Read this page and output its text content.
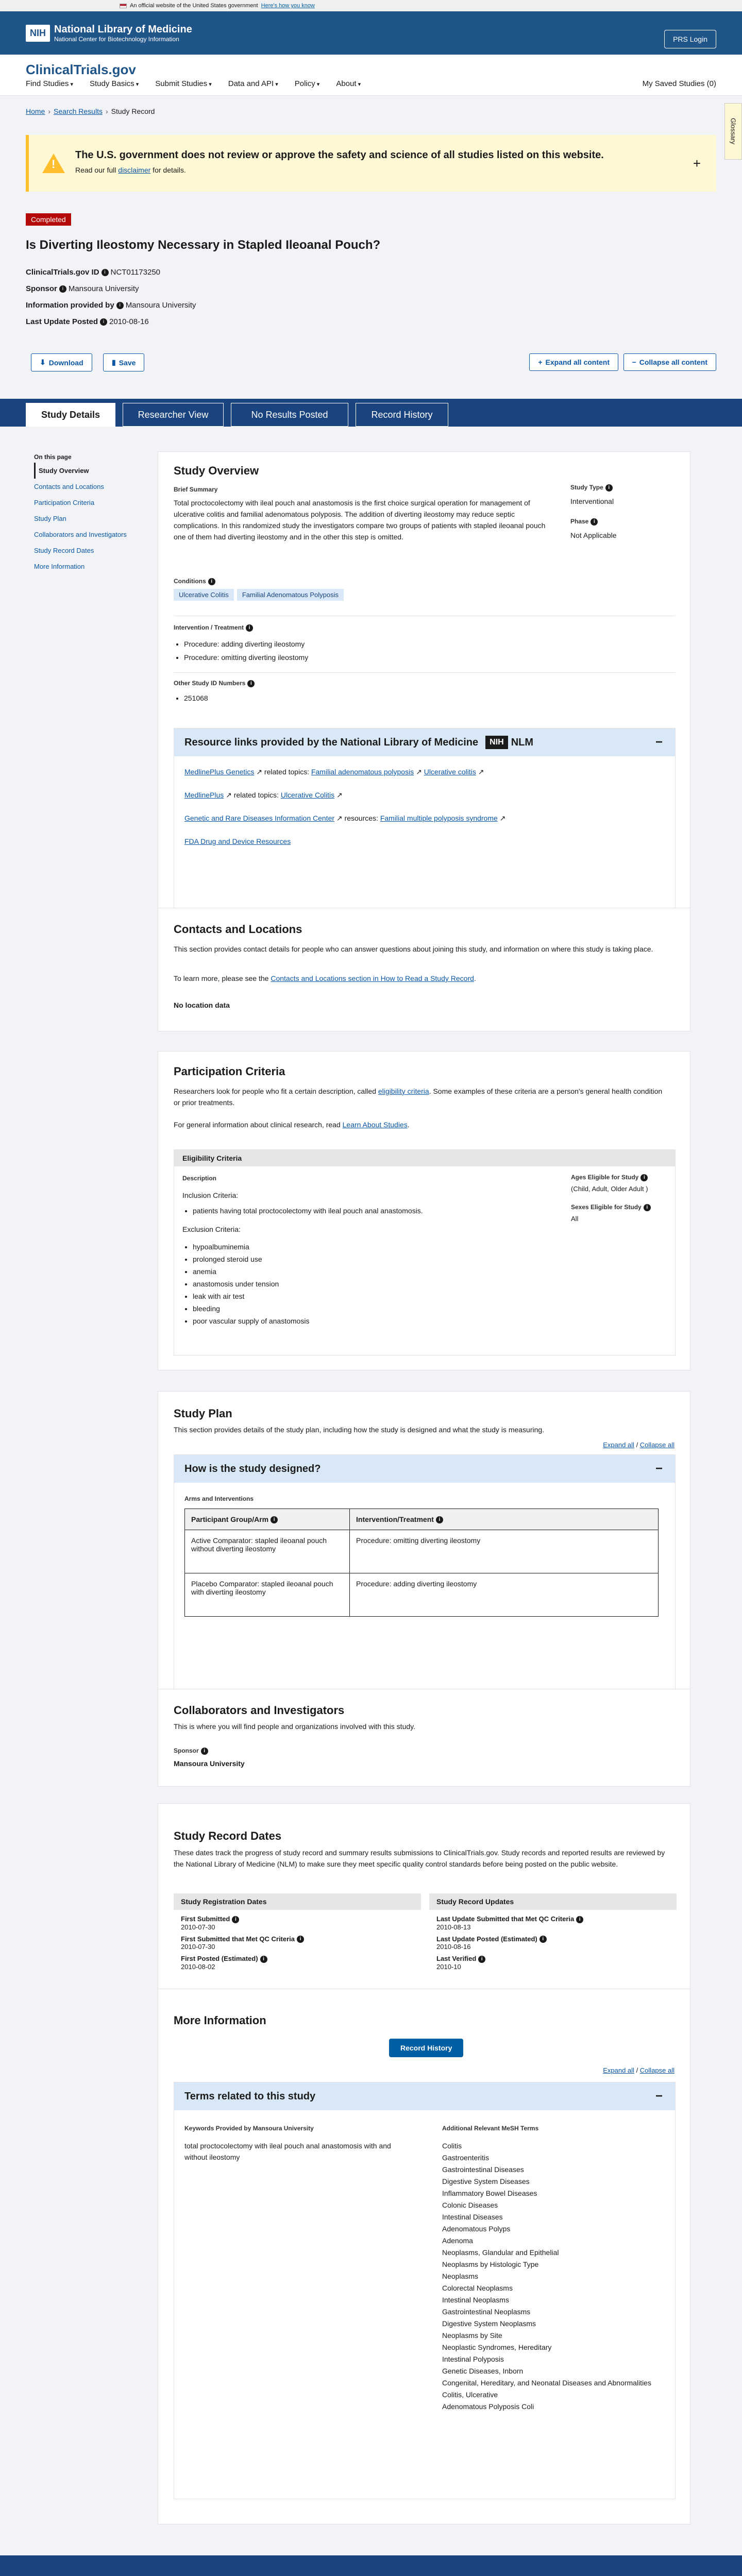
An official website of the United States government Here's how you know
NIH National Library of Medicine
National Center for Biotechnology Information	PRS Login
ClinicalTrials.gov
Find Studies ▾	Study Basics ▾	Submit Studies ▾	Data and API ▾	Policy ▾	About ▾	My Saved Studies (0)
Home › Search Results › Study Record
Glossary
!
The U.S. government does not review or approve the safety and science of all studies listed on this website.

Read our full disclaimer for details.	+
Completed
Is Diverting Ileostomy Necessary in Stapled Ileoanal Pouch?
ClinicalTrials.gov ID i NCT01173250
Sponsor i Mansoura University
Information provided by i Mansoura University
Last Update Posted i 2010-08-16
⬇ Download	▮ Save	+ Expand all content	− Collapse all content
Study Details	Researcher View	No Results Posted	Record History
On this page
Study Overview
Contacts and Locations
Participation Criteria
Study Plan
Collaborators and Investigators
Study Record Dates
More Information
Study Overview
Brief Summary
Total proctocolectomy with ileal pouch anal anastomosis is the first choice surgical operation for management of ulcerative colitis and familial adenomatous polyposis. The addition of diverting ileostomy may reduce septic complications. In this randomized study the investigators compare two groups of patients with stapled ileoanal pouch one of them had diverting ileostomy and in the other this step is omitted.
Study Type i
Interventional
Phase i
Not Applicable
Conditions i
Ulcerative Colitis Familial Adenomatous Polyposis
Intervention / Treatment i
• Procedure: adding diverting ileostomy
• Procedure: omitting diverting ileostomy
Other Study ID Numbers i
• 251068
Resource links provided by the National Library of Medicine	NIH NLM	−
MedlinePlus Genetics ↗ related topics: Familial adenomatous polyposis ↗ Ulcerative colitis ↗
MedlinePlus ↗ related topics: Ulcerative Colitis ↗
Genetic and Rare Diseases Information Center ↗ resources: Familial multiple polyposis syndrome ↗
FDA Drug and Device Resources
Contacts and Locations
This section provides contact details for people who can answer questions about joining this study, and information on where this study is taking place.
To learn more, please see the Contacts and Locations section in How to Read a Study Record.
No location data
Participation Criteria
Researchers look for people who fit a certain description, called eligibility criteria. Some examples of these criteria are a person's general health condition or prior treatments.
For general information about clinical research, read Learn About Studies.
Eligibility Criteria
Description
Inclusion Criteria:
• patients having total proctocolectomy with ileal pouch anal anastomosis.
Exclusion Criteria:
• hypoalbuminemia
• prolonged steroid use
• anemia
• anastomosis under tension
• leak with air test
• bleeding
• poor vascular supply of anastomosis
Ages Eligible for Study i
(Child, Adult, Older Adult )
Sexes Eligible for Study i
All
Study Plan
This section provides details of the study plan, including how the study is designed and what the study is measuring.
Expand all / Collapse all
How is the study designed?	−
Arms and Interventions
Participant Group/Arm i	Intervention/Treatment i
Active Comparator: stapled ileoanal pouch without diverting ileostomy	Procedure: omitting diverting ileostomy
Placebo Comparator: stapled ileoanal pouch with diverting ileostomy	Procedure: adding diverting ileostomy
Collaborators and Investigators
This is where you will find people and organizations involved with this study.
Sponsor i
Mansoura University
Study Record Dates
These dates track the progress of study record and summary results submissions to ClinicalTrials.gov. Study records and reported results are reviewed by the National Library of Medicine (NLM) to make sure they meet specific quality control standards before being posted on the public website.
Study Registration Dates
First Submitted i
2010-07-30
First Submitted that Met QC Criteria i
2010-07-30
First Posted (Estimated) i
2010-08-02
Study Record Updates
Last Update Submitted that Met QC Criteria i
2010-08-13
Last Update Posted (Estimated) i
2010-08-16
Last Verified i
2010-10
More Information
Record History
Expand all / Collapse all
Terms related to this study	−
Keywords Provided by Mansoura University
total proctocolectomy with ileal pouch anal anastomosis with and without ileostomy
Additional Relevant MeSH Terms
Colitis
Gastroenteritis
Gastrointestinal Diseases
Digestive System Diseases
Inflammatory Bowel Diseases
Colonic Diseases
Intestinal Diseases
Adenomatous Polyps
Adenoma
Neoplasms, Glandular and Epithelial
Neoplasms by Histologic Type
Neoplasms
Colorectal Neoplasms
Intestinal Neoplasms
Gastrointestinal Neoplasms
Digestive System Neoplasms
Neoplasms by Site
Neoplastic Syndromes, Hereditary
Intestinal Polyposis
Genetic Diseases, Inborn
Congenital, Hereditary, and Neonatal Diseases and Abnormalities
Colitis, Ulcerative
Adenomatous Polyposis Coli
